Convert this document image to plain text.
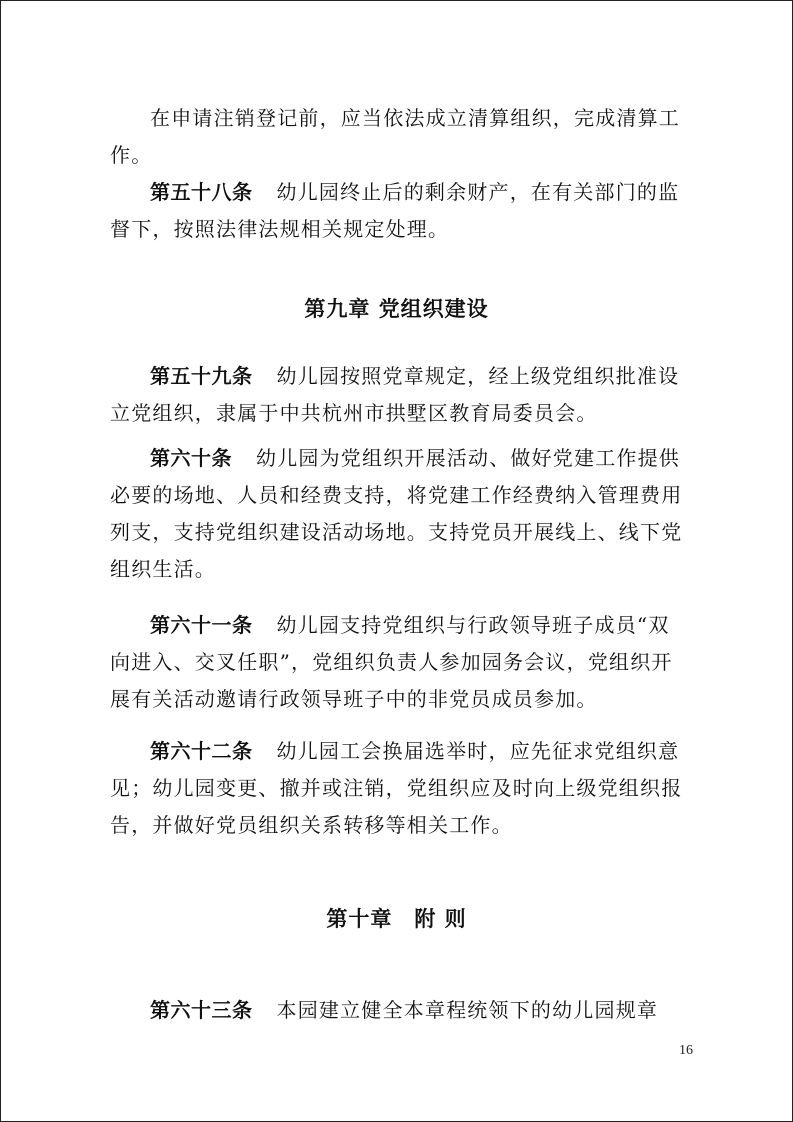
在申请注销登记前，应当依法成立清算组织，完成清算工
作。
第五十八条 幼儿园终止后的剩余财产，在有关部门的监
督下，按照法律法规相关规定处理。
第九章 党组织建设
第五十九条 幼儿园按照党章规定，经上级党组织批准设
立党组织，隶属于中共杭州市拱墅区教育局委员会。
第六十条 幼儿园为党组织开展活动、做好党建工作提供
必要的场地、人员和经费支持，将党建工作经费纳入管理费用
列支，支持党组织建设活动场地。支持党员开展线上、线下党
组织生活。
第六十一条 幼儿园支持党组织与行政领导班子成员“双
向进入、交叉任职”，党组织负责人参加园务会议，党组织开
展有关活动邀请行政领导班子中的非党员成员参加。
第六十二条 幼儿园工会换届选举时，应先征求党组织意
见；幼儿园变更、撤并或注销，党组织应及时向上级党组织报
告，并做好党员组织关系转移等相关工作。
第十章　附 则
第六十三条 本园建立健全本章程统领下的幼儿园规章
16
